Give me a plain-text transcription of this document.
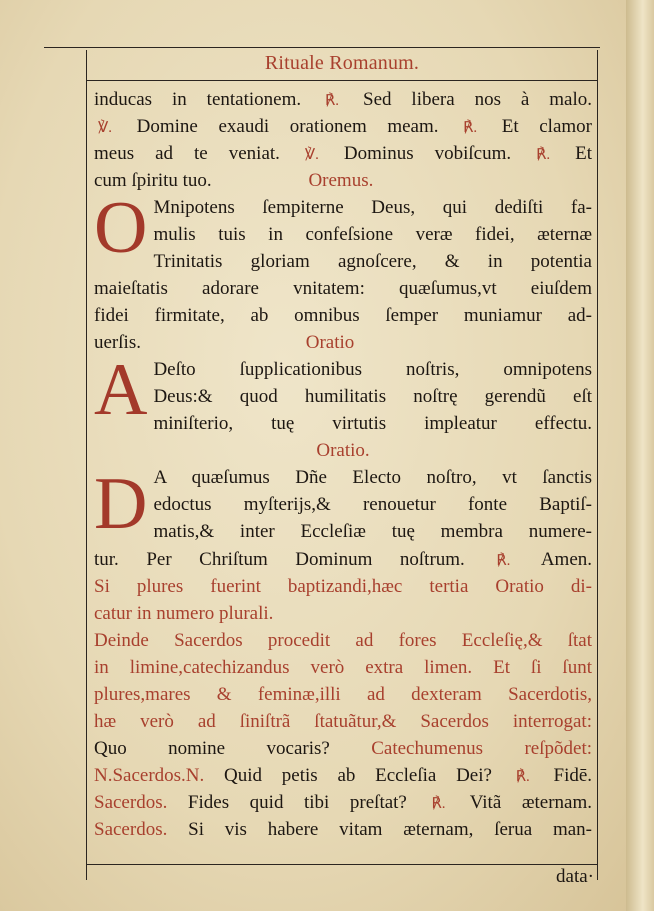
Rituale Romanum.
inducas in tentationem. ℟. Sed libera nos à malo.
℣. Domine exaudi orationem meam. ℟. Et clamor
meus ad te veniat. ℣. Dominus vobiſcum. ℟. Et
cum ſpiritu tuo.	Oremus.
O Mnipotens ſempiterne Deus, qui dediſti fa-
mulis tuis in confeſsione veræ fidei, æternæ
Trinitatis gloriam agnoſcere, & in potentia
maieſtatis adorare vnitatem: quæſumus,vt eiuſdem
fidei firmitate, ab omnibus ſemper muniamur ad-
uerſis.	Oratio
A Deſto ſupplicationibus noſtris, omnipotens
Deus:& quod humilitatis noſtrę gerendũ eſt
miniſterio, tuę virtutis impleatur effectu.
Oratio.
D A quæſumus Dñe Electo noſtro, vt ſanctis
edoctus myſterijs,& renouetur fonte Baptiſ-
matis,& inter Eccleſiæ tuę membra numere-
tur. Per Chriſtum Dominum noſtrum. ℟. Amen.
Si plures fuerint baptizandi,hæc tertia Oratio di-
catur in numero plurali.
Deinde Sacerdos procedit ad fores Eccleſię,& ſtat
in limine,catechizandus verò extra limen. Et ſi ſunt
plures,mares & feminæ,illi ad dexteram Sacerdotis,
hæ verò ad ſiniſtrã ſtatuãtur,& Sacerdos interrogat:
Quo nomine vocaris? Catechumenus reſpõdet:
N.Sacerdos.N. Quid petis ab Eccleſia Dei? ℟. Fidē.
Sacerdos. Fides quid tibi preſtat? ℟. Vitã æternam.
Sacerdos. Si vis habere vitam æternam, ſerua man-
data·
